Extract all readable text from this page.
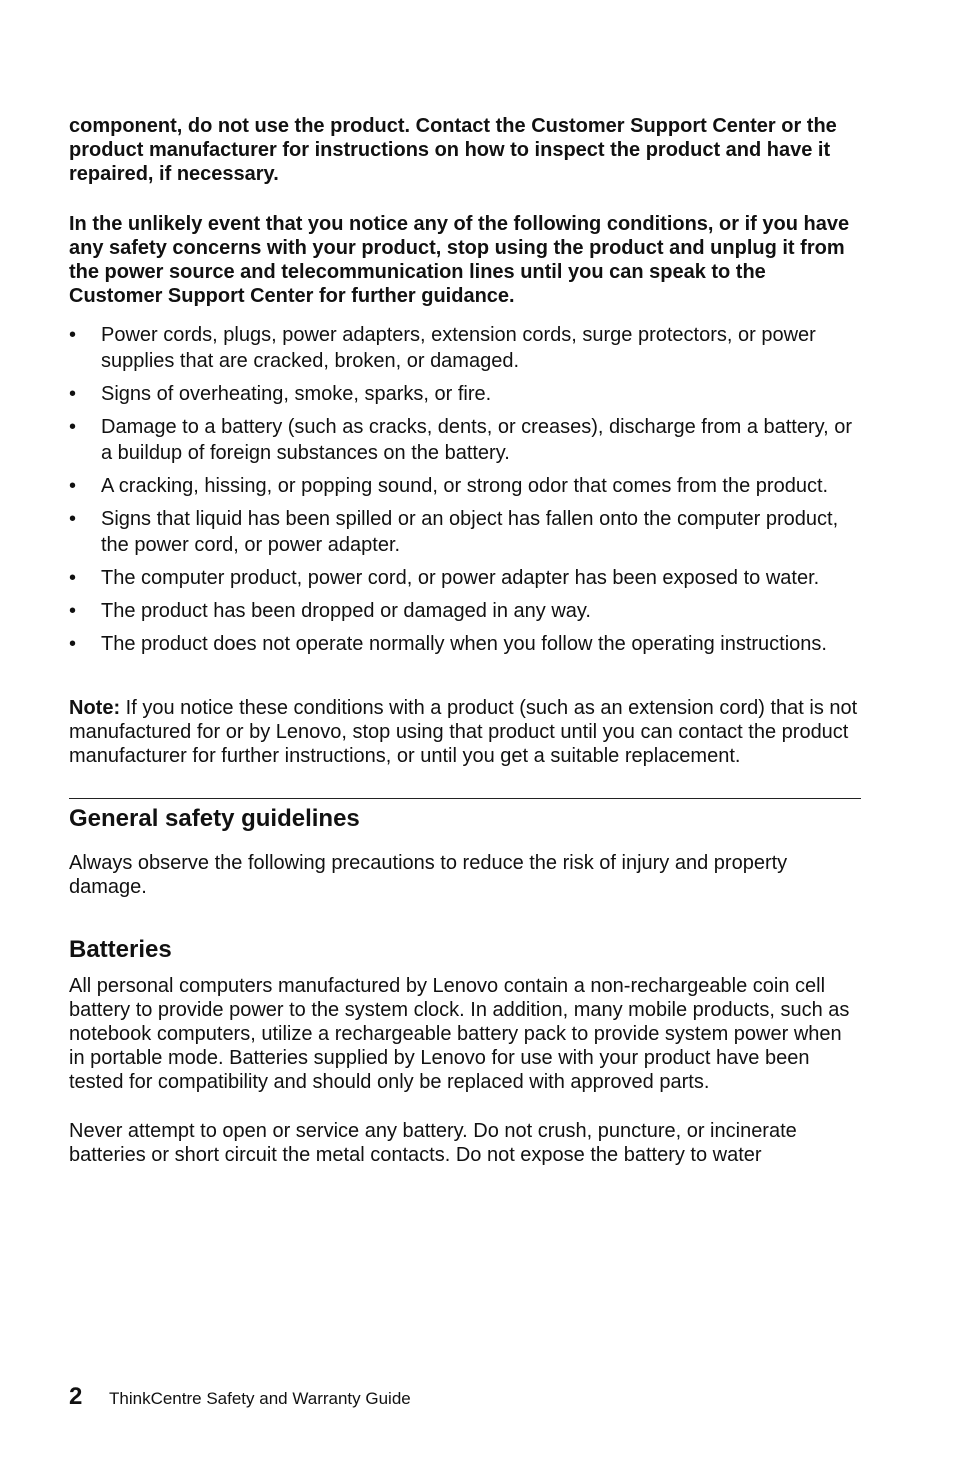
component, do not use the product. Contact the Customer Support Center or the product manufacturer for instructions on how to inspect the product and have it repaired, if necessary.

In the unlikely event that you notice any of the following conditions, or if you have any safety concerns with your product, stop using the product and unplug it from the power source and telecommunication lines until you can speak to the Customer Support Center for further guidance.

•	Power cords, plugs, power adapters, extension cords, surge protectors, or power supplies that are cracked, broken, or damaged.
•	Signs of overheating, smoke, sparks, or fire.
•	Damage to a battery (such as cracks, dents, or creases), discharge from a battery, or a buildup of foreign substances on the battery.
•	A cracking, hissing, or popping sound, or strong odor that comes from the product.
•	Signs that liquid has been spilled or an object has fallen onto the computer product, the power cord, or power adapter.
•	The computer product, power cord, or power adapter has been exposed to water.
•	The product has been dropped or damaged in any way.
•	The product does not operate normally when you follow the operating instructions.

Note: If you notice these conditions with a product (such as an extension cord) that is not manufactured for or by Lenovo, stop using that product until you can contact the product manufacturer for further instructions, or until you get a suitable replacement.

General safety guidelines

Always observe the following precautions to reduce the risk of injury and property damage.

Batteries

All personal computers manufactured by Lenovo contain a non-rechargeable coin cell battery to provide power to the system clock. In addition, many mobile products, such as notebook computers, utilize a rechargeable battery pack to provide system power when in portable mode. Batteries supplied by Lenovo for use with your product have been tested for compatibility and should only be replaced with approved parts.

Never attempt to open or service any battery. Do not crush, puncture, or incinerate batteries or short circuit the metal contacts. Do not expose the battery to water

2	ThinkCentre Safety and Warranty Guide
